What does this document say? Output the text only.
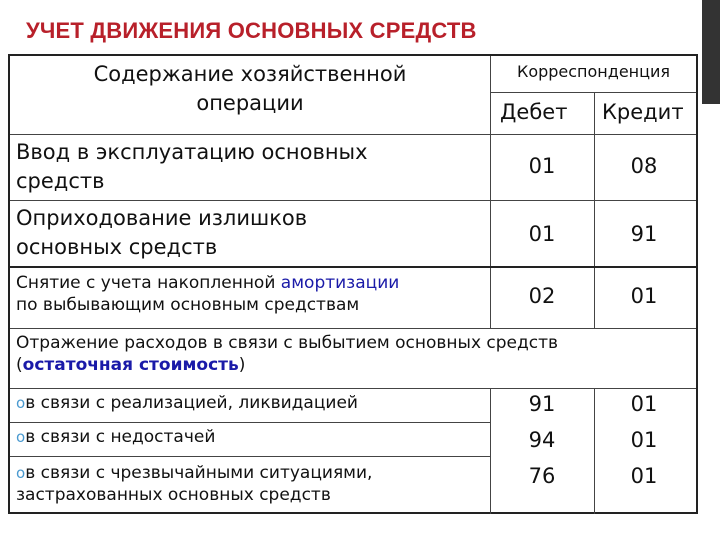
УЧЕТ ДВИЖЕНИЯ ОСНОВНЫХ СРЕДСТВ
Содержание хозяйственной
операции
Корреспонденция
Дебет Кредит
Ввод в эксплуатацию основных
средств
01	08
Оприходование излишков
основных средств
01	91
Снятие с учета накопленной амортизации
по выбывающим основным средствам	02	01
Отражение расходов в связи с выбытием основных средств
(остаточная стоимость)
oв связи с реализацией, ликвидацией	91	01
oв связи с недостачей	94	01
oв связи с чрезвычайными ситуациями,
застрахованных основных средств
76	01
